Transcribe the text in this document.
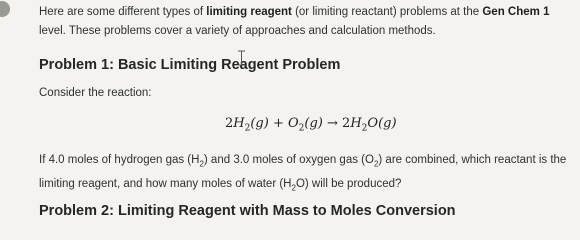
Here are some different types of limiting reagent (or limiting reactant) problems at the Gen Chem 1 level. These problems cover a variety of approaches and calculation methods.

Problem 1: Basic Limiting Reagent Problem
Consider the reaction:
$2H_2(g) + O_2(g) \to 2H_2O(g)$

If 4.0 moles of hydrogen gas $(H_2)$ and 3.0 moles of oxygen gas $(O_2)$ are combined, which reactant is the limiting reagent, and how many moles of water $(H_2O)$ will be produced?

Problem 2: Limiting Reagent with Mass to Moles Conversion
